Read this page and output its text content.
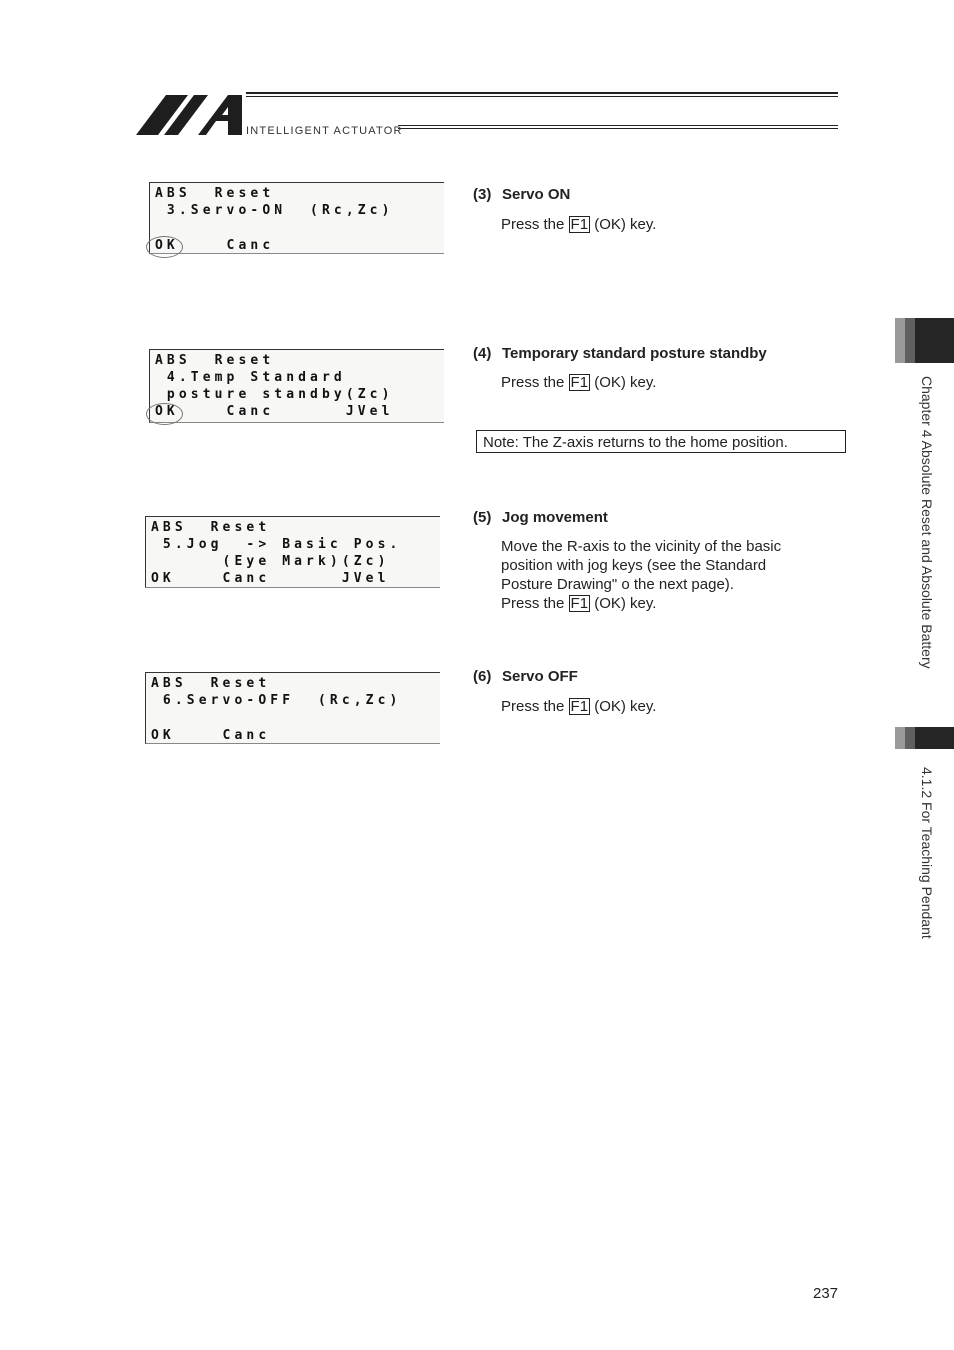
INTELLIGENT ACTUATOR
ABS  Reset
3.Servo-ON  (Rc,Zc)
OK    Canc
ABS  Reset
4.Temp Standard
posture standby(Zc)
OK    Canc      JVel
ABS  Reset
5.Jog  -> Basic Pos.
(Eye Mark)(Zc)
OK    Canc      JVel
ABS  Reset
6.Servo-OFF  (Rc,Zc)
OK    Canc
(3) Servo ON
Press the F1 (OK) key.
(4) Temporary standard posture standby
Press the F1 (OK) key.
Note: The Z-axis returns to the home position.
(5) Jog movement
Move the R-axis to the vicinity of the basic
position with jog keys (see the Standard
Posture Drawing" o the next page).
Press the F1 (OK) key.
(6) Servo OFF
Press the F1 (OK) key.
Chapter 4 Absolute Reset and Absolute Battery
4.1.2 For Teaching Pendant
237
